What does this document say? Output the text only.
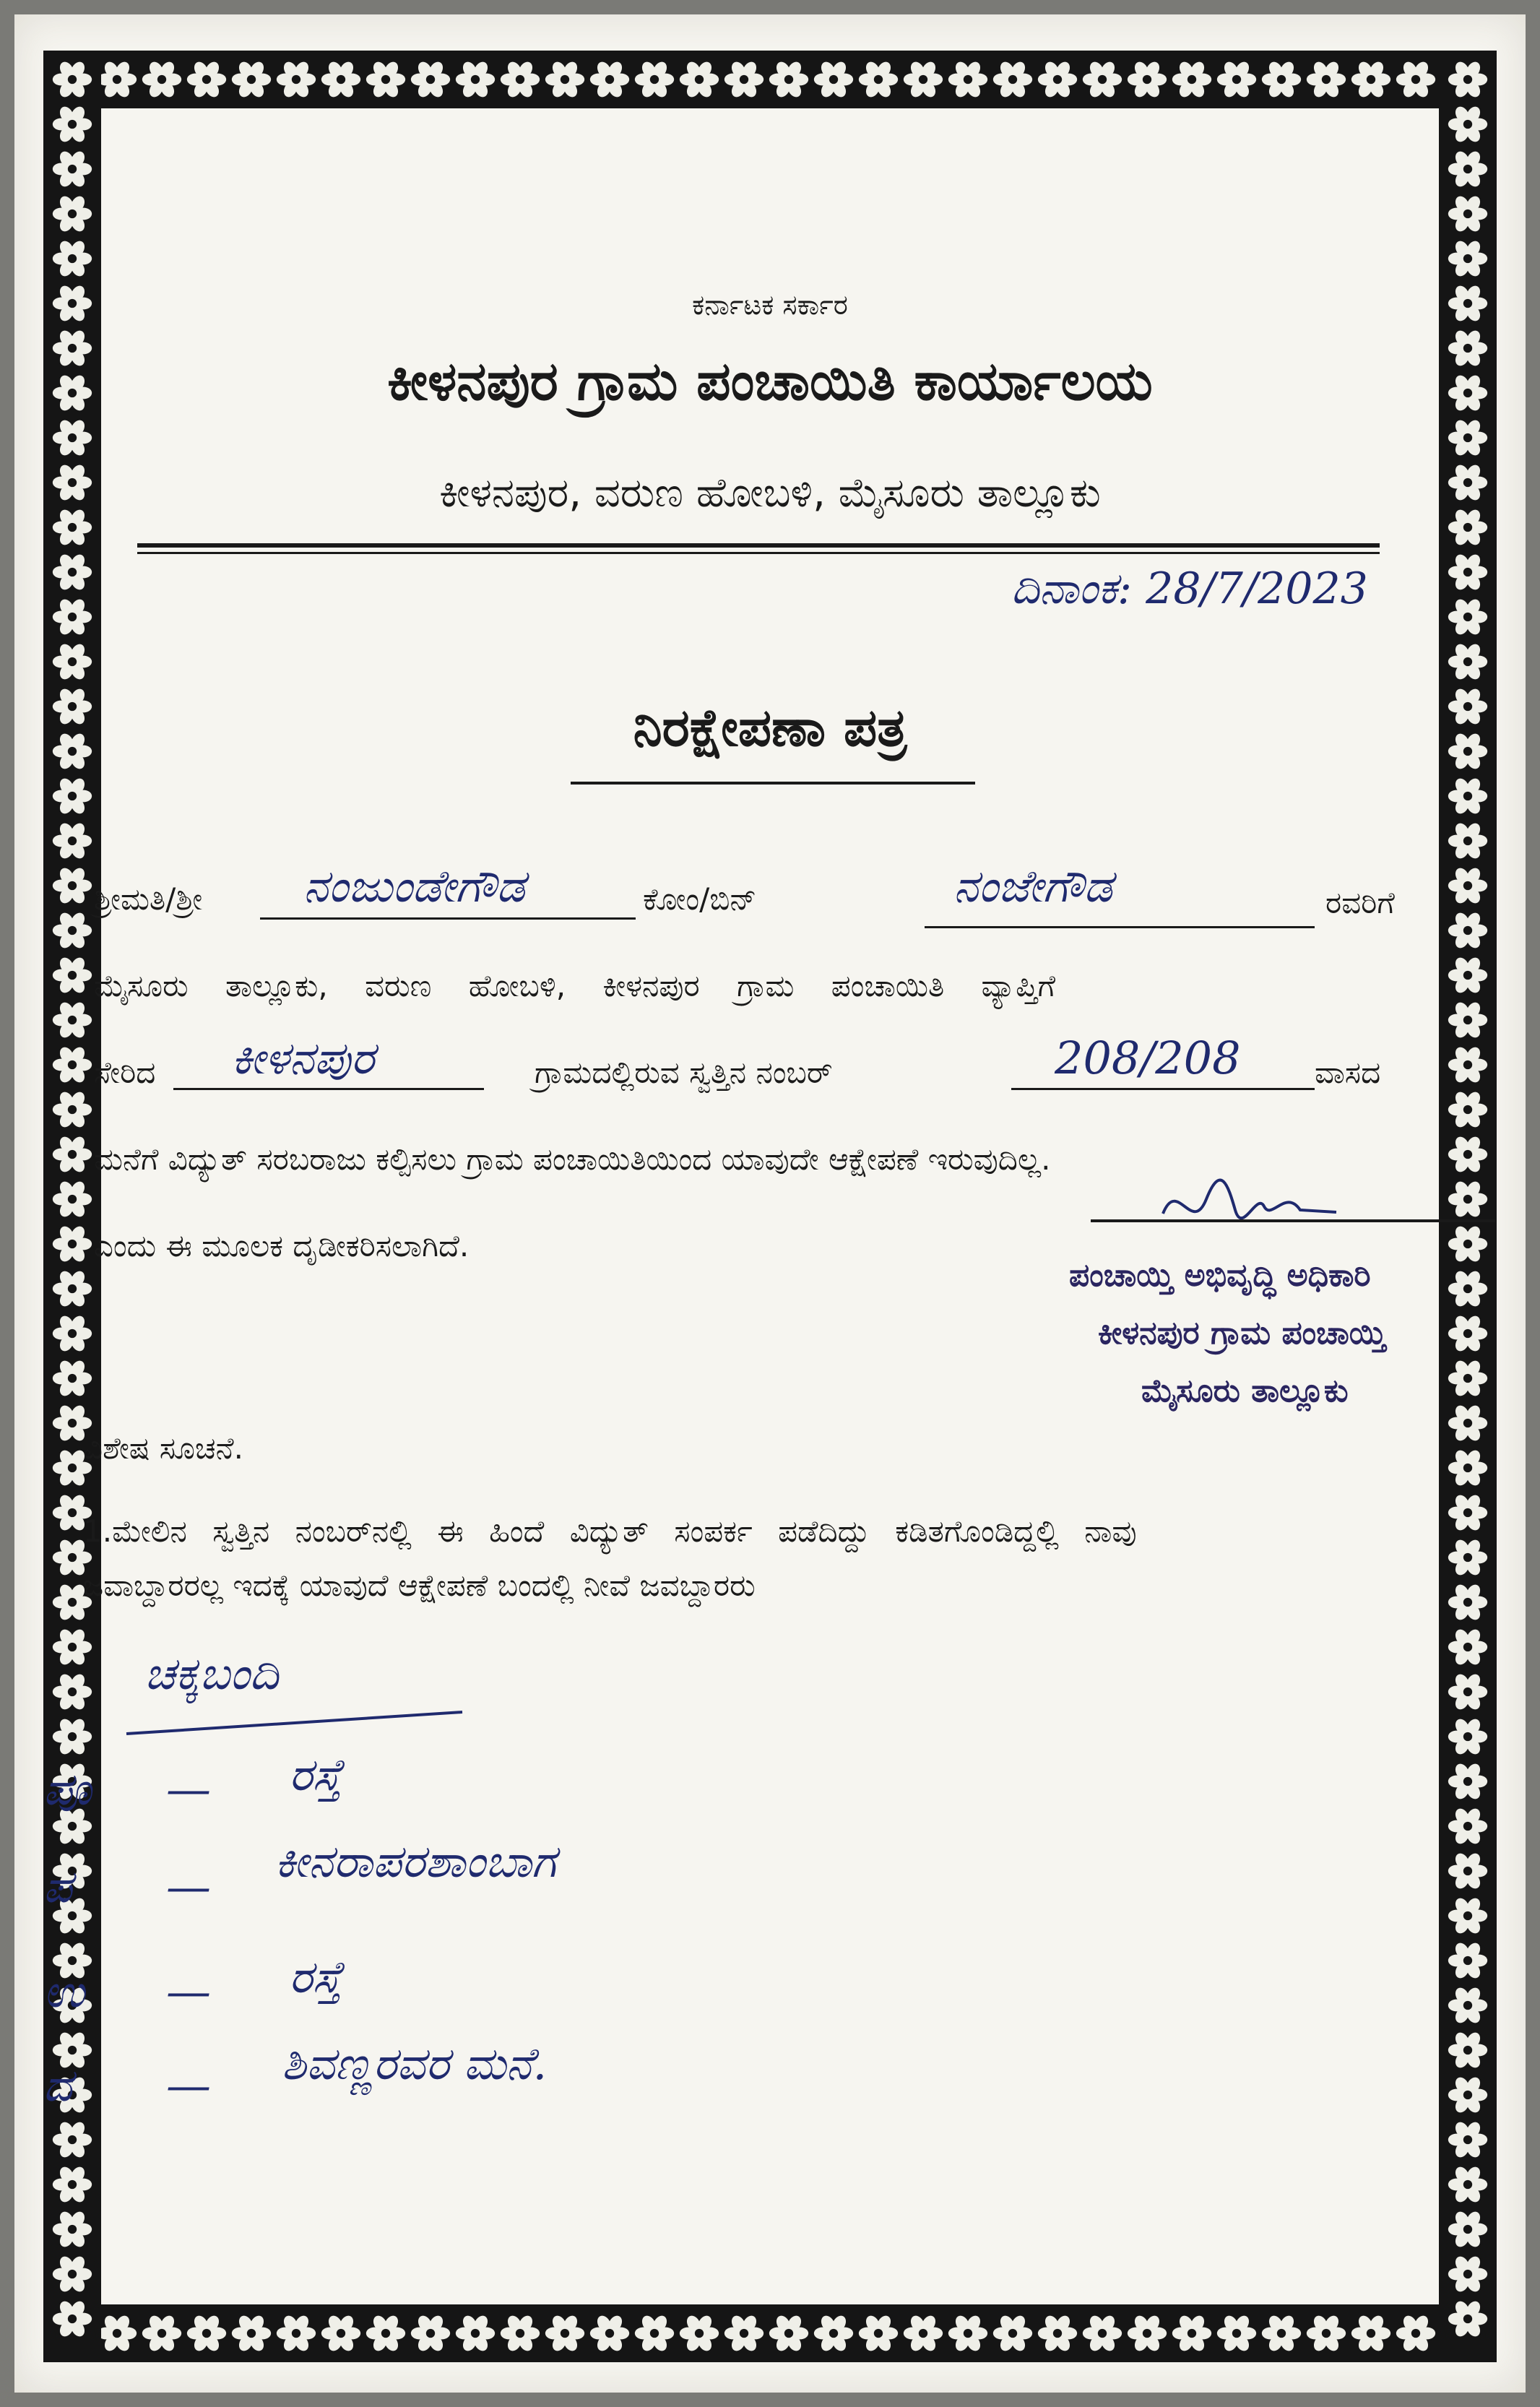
ಕರ್ನಾಟಕ ಸರ್ಕಾರ
ಕೀಳನಪುರ ಗ್ರಾಮ ಪಂಚಾಯಿತಿ ಕಾರ್ಯಾಲಯ
ಕೀಳನಪುರ, ವರುಣ ಹೋಬಳಿ, ಮೈಸೂರು ತಾಲ್ಲೂಕು
ದಿನಾಂಕ: 28/7/2023
ನಿರಕ್ಷೇಪಣಾ ಪತ್ರ
ಶ್ರೀಮತಿ/ಶ್ರೀ ನಂಜುಂಡೇಗೌಡ	ಕೋಂ/ಬಿನ್	ನಂಜೇಗೌಡ	ರವರಿಗೆ
ಮೈಸೂರು ತಾಲ್ಲೂಕು, ವರುಣ ಹೋಬಳಿ, ಕೀಳನಪುರ ಗ್ರಾಮ ಪಂಚಾಯಿತಿ ವ್ಯಾಪ್ತಿಗೆ
ಸೇರಿದ ಕೀಳನಪುರ	ಗ್ರಾಮದಲ್ಲಿರುವ ಸ್ವತ್ತಿನ ನಂಬರ್	208/208 ವಾಸದ
ಮನೆಗೆ ವಿದ್ಯುತ್ ಸರಬರಾಜು ಕಲ್ಪಿಸಲು ಗ್ರಾಮ ಪಂಚಾಯಿತಿಯಿಂದ ಯಾವುದೇ ಆಕ್ಷೇಪಣೆ ಇರುವುದಿಲ್ಲ.
ಎಂದು ಈ ಮೂಲಕ ದೃಡೀಕರಿಸಲಾಗಿದೆ.
ಪಂಚಾಯ್ತಿ ಅಭಿವೃದ್ಧಿ ಅಧಿಕಾರಿ
ಕೀಳನಪುರ ಗ್ರಾಮ ಪಂಚಾಯ್ತಿ
ಮೈಸೂರು ತಾಲ್ಲೂಕು
ವಿಶೇಷ ಸೂಚನೆ.
1.ಮೇಲಿನ ಸ್ವತ್ತಿನ ನಂಬರ್‌ನಲ್ಲಿ ಈ ಹಿಂದೆ ವಿದ್ಯುತ್ ಸಂಪರ್ಕ ಪಡೆದಿದ್ದು ಕಡಿತಗೊಂಡಿದ್ದಲ್ಲಿ ನಾವು
ಜವಾಬ್ದಾರರಲ್ಲ ಇದಕ್ಕೆ ಯಾವುದೆ ಆಕ್ಷೇಪಣೆ ಬಂದಲ್ಲಿ ನೀವೆ ಜವಬ್ದಾರರು
ಚಕ್ಕಬಂದಿ
ಪೂ — ರಸ್ತೆ
ಪ — ಕೀನರಾಪರಶಾಂಬಾಗ
ಉ — ರಸ್ತೆ
ದ — ಶಿವಣ್ಣರವರ ಮನೆ.
